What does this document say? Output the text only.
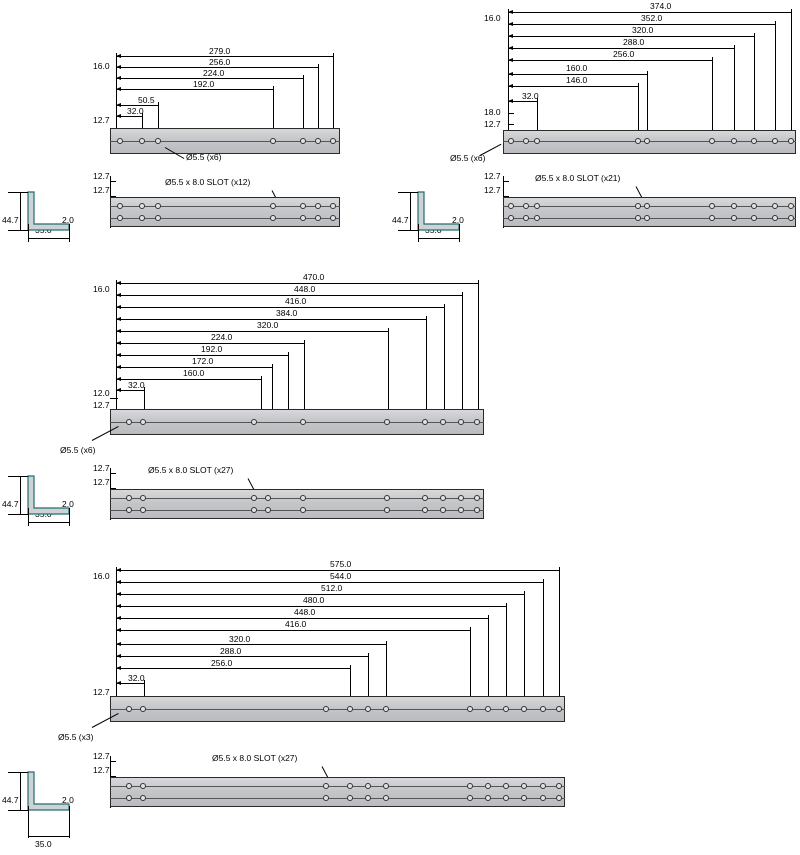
16.0
12.7
279.0
256.0
224.0
192.0
50.5
32.0
Ø5.5 (x6)
12.7
12.7
Ø5.5 x 8.0 SLOT (x12)
44.7	2.0
16.0
18.0
12.7
374.0
352.0
320.0
288.0
256.0
160.0
146.0
32.0
Ø5.5 (x6)
12.7
12.7
Ø5.5 x 8.0 SLOT (x21)
44.7	2.0
16.0
12.0
12.7
470.0
448.0
416.0
384.0
320.0
224.0
192.0
172.0
160.0
32.0
Ø5.5 (x6)
12.7
12.7
Ø5.5 x 8.0 SLOT (x27)
44.7	2.0
16.0
12.7
575.0
544.0
512.0
480.0
448.0
416.0
320.0
288.0
256.0
32.0
Ø5.5 (x3)
12.7
12.7
Ø5.5 x 8.0 SLOT (x27)
44.7	2.0
35.0
